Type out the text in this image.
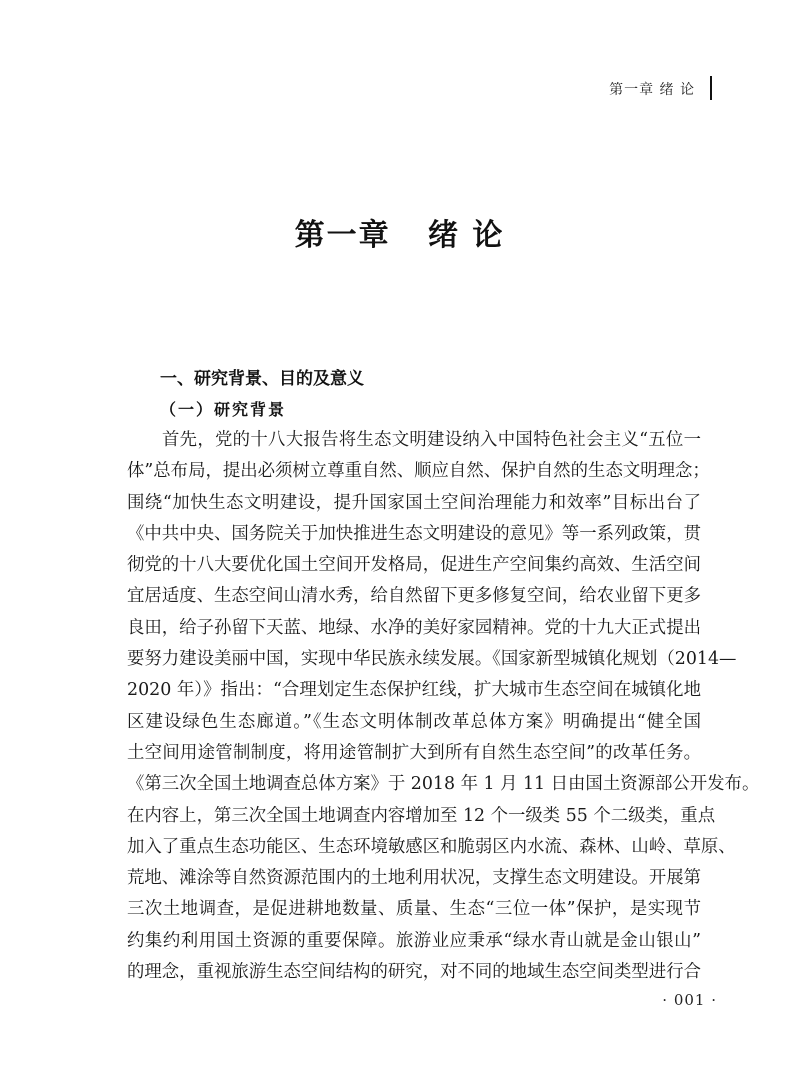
第一章 绪 论
第一章   绪 论
一、研究背景、目的及意义
（一）研究背景
首先，党的十八大报告将生态文明建设纳入中国特色社会主义“五位一
体”总布局，提出必须树立尊重自然、顺应自然、保护自然的生态文明理念；
围绕“加快生态文明建设，提升国家国土空间治理能力和效率”目标出台了
《中共中央、国务院关于加快推进生态文明建设的意见》等一系列政策，贯
彻党的十八大要优化国土空间开发格局，促进生产空间集约高效、生活空间
宜居适度、生态空间山清水秀，给自然留下更多修复空间，给农业留下更多
良田，给子孙留下天蓝、地绿、水净的美好家园精神。党的十九大正式提出
要努力建设美丽中国，实现中华民族永续发展。《国家新型城镇化规划（2014—
2020 年）》指出：“合理划定生态保护红线，扩大城市生态空间在城镇化地
区建设绿色生态廊道。”《生态文明体制改革总体方案》明确提出“健全国
土空间用途管制制度，将用途管制扩大到所有自然生态空间”的改革任务。
《第三次全国土地调查总体方案》于 2018 年 1 月 11 日由国土资源部公开发布。
在内容上，第三次全国土地调查内容增加至 12 个一级类 55 个二级类，重点
加入了重点生态功能区、生态环境敏感区和脆弱区内水流、森林、山岭、草原、
荒地、滩涂等自然资源范围内的土地利用状况，支撑生态文明建设。开展第
三次土地调查，是促进耕地数量、质量、生态“三位一体”保护，是实现节
约集约利用国土资源的重要保障。旅游业应秉承“绿水青山就是金山银山”
的理念，重视旅游生态空间结构的研究，对不同的地域生态空间类型进行合
· 001 ·
